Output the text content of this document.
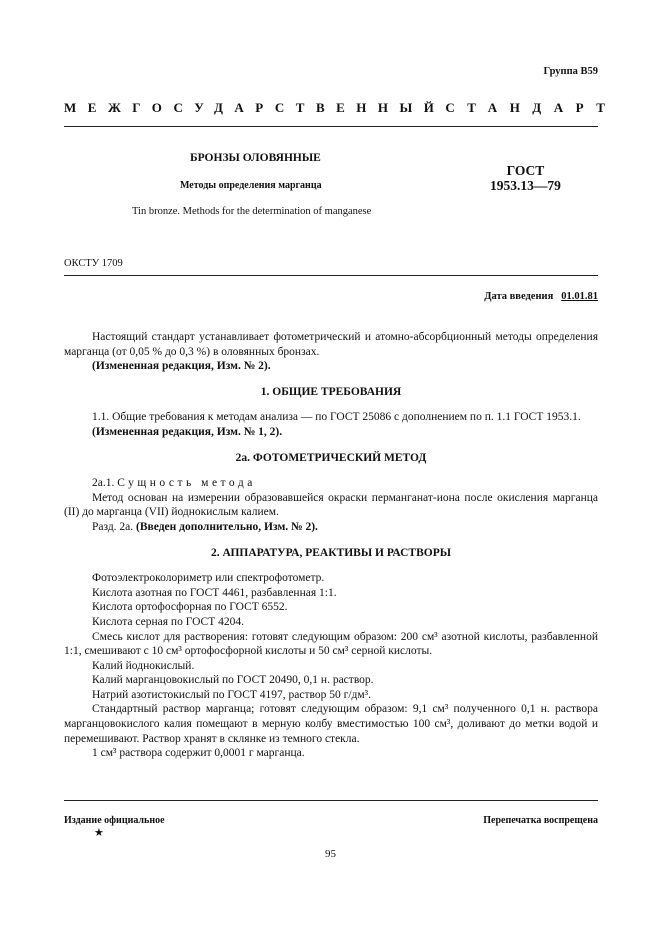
Группа В59
МЕЖГОСУДАРСТВЕННЫЙ СТАНДАРТ
БРОНЗЫ ОЛОВЯННЫЕ
Методы определения марганца
Tin bronze. Methods for the determination of manganese
ГОСТ
1953.13—79
ОКСТУ 1709
Дата введения 01.01.81

Настоящий стандарт устанавливает фотометрический и атомно-абсорбционный методы определения марганца (от 0,05 % до 0,3 %) в оловянных бронзах.

(Измененная редакция, Изм. № 2).

1. ОБЩИЕ ТРЕБОВАНИЯ

1.1. Общие требования к методам анализа — по ГОСТ 25086 с дополнением по п. 1.1 ГОСТ 1953.1.

(Измененная редакция, Изм. № 1, 2).

2а. ФОТОМЕТРИЧЕСКИЙ МЕТОД

2а.1. Сущность метода

Метод основан на измерении образовавшейся окраски перманганат-иона после окисления марганца (II) до марганца (VII) йоднокислым калием.

Разд. 2а. (Введен дополнительно, Изм. № 2).

2. АППАРАТУРА, РЕАКТИВЫ И РАСТВОРЫ

Фотоэлектроколориметр или спектрофотометр.

Кислота азотная по ГОСТ 4461, разбавленная 1:1.

Кислота ортофосфорная по ГОСТ 6552.

Кислота серная по ГОСТ 4204.

Смесь кислот для растворения: готовят следующим образом: 200 см³ азотной кислоты, разбавленной 1:1, смешивают с 10 см³ ортофосфорной кислоты и 50 см³ серной кислоты.

Калий йоднокислый.

Калий марганцовокислый по ГОСТ 20490, 0,1 н. раствор.

Натрий азотистокислый по ГОСТ 4197, раствор 50 г/дм³.

Стандартный раствор марганца; готовят следующим образом: 9,1 см³ полученного 0,1 н. раствора марганцовокислого калия помещают в мерную колбу вместимостью 100 см³, доливают до метки водой и перемешивают. Раствор хранят в склянке из темного стекла.

1 см³ раствора содержит 0,0001 г марганца.

Издание официальное
★
Перепечатка воспрещена
95
